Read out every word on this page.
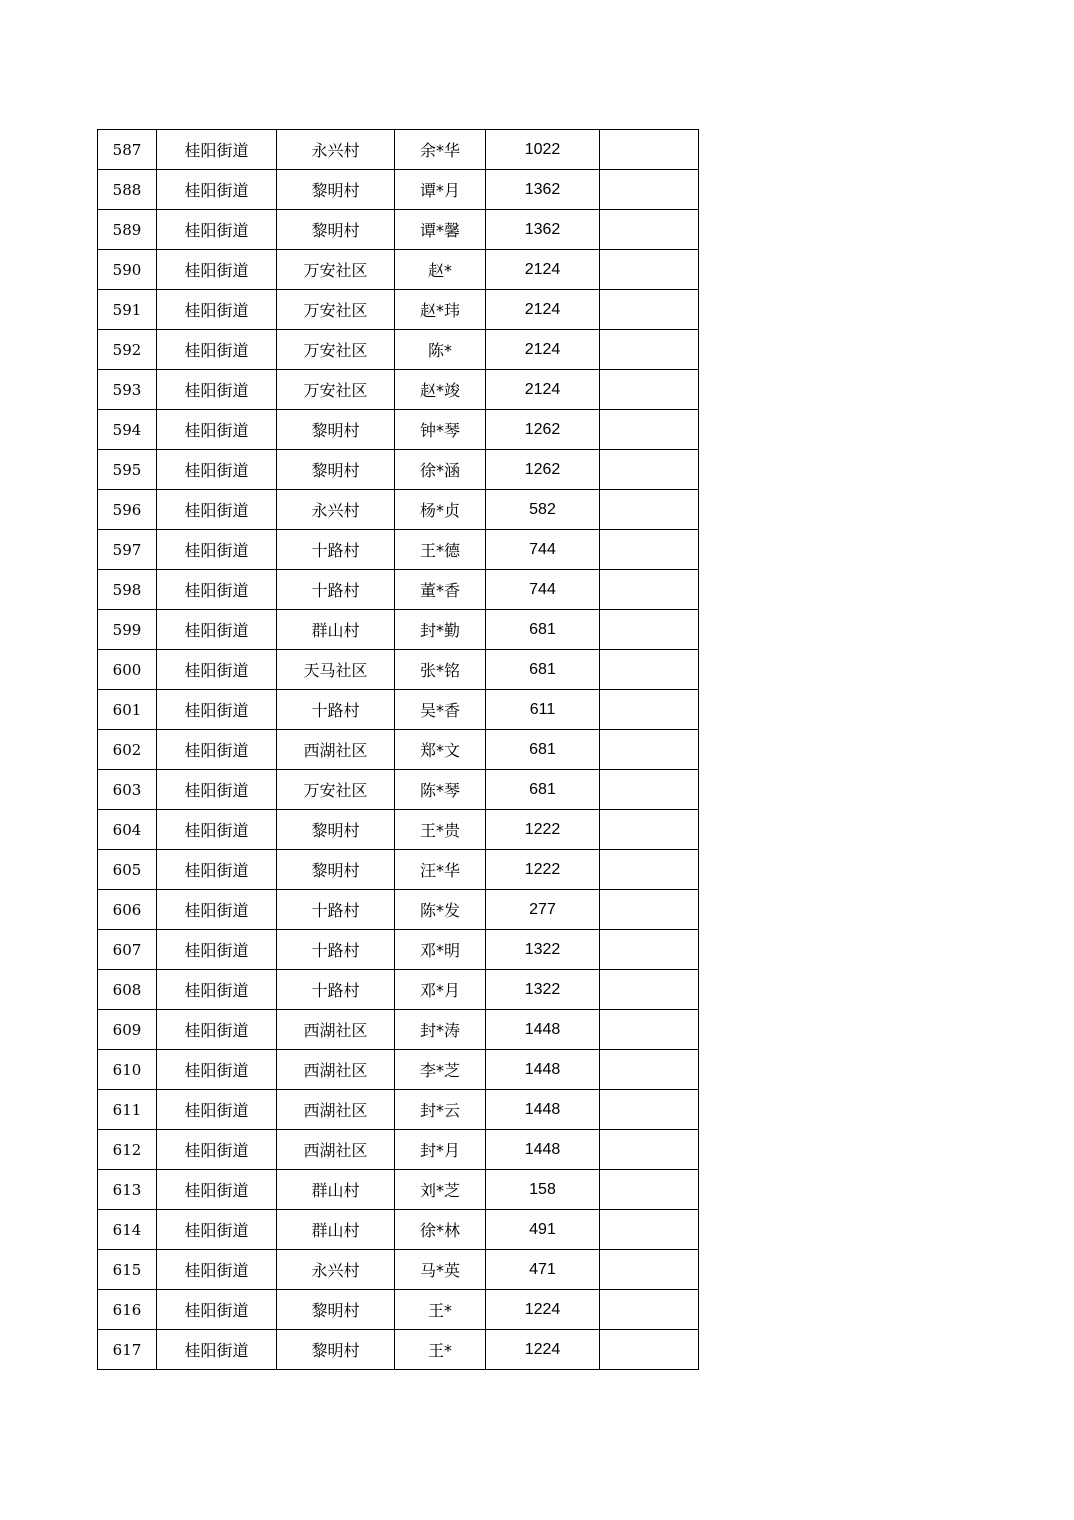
587	桂阳街道	永兴村	余*华	1022	
588	桂阳街道	黎明村	谭*月	1362	
589	桂阳街道	黎明村	谭*馨	1362	
590	桂阳街道	万安社区	赵*	2124	
591	桂阳街道	万安社区	赵*玮	2124	
592	桂阳街道	万安社区	陈*	2124	
593	桂阳街道	万安社区	赵*竣	2124	
594	桂阳街道	黎明村	钟*琴	1262	
595	桂阳街道	黎明村	徐*涵	1262	
596	桂阳街道	永兴村	杨*贞	582	
597	桂阳街道	十路村	王*德	744	
598	桂阳街道	十路村	董*香	744	
599	桂阳街道	群山村	封*勤	681	
600	桂阳街道	天马社区	张*铭	681	
601	桂阳街道	十路村	吴*香	611	
602	桂阳街道	西湖社区	郑*文	681	
603	桂阳街道	万安社区	陈*琴	681	
604	桂阳街道	黎明村	王*贵	1222	
605	桂阳街道	黎明村	汪*华	1222	
606	桂阳街道	十路村	陈*发	277	
607	桂阳街道	十路村	邓*明	1322	
608	桂阳街道	十路村	邓*月	1322	
609	桂阳街道	西湖社区	封*涛	1448	
610	桂阳街道	西湖社区	李*芝	1448	
611	桂阳街道	西湖社区	封*云	1448	
612	桂阳街道	西湖社区	封*月	1448	
613	桂阳街道	群山村	刘*芝	158	
614	桂阳街道	群山村	徐*林	491	
615	桂阳街道	永兴村	马*英	471	
616	桂阳街道	黎明村	王*	1224	
617	桂阳街道	黎明村	王*	1224	
